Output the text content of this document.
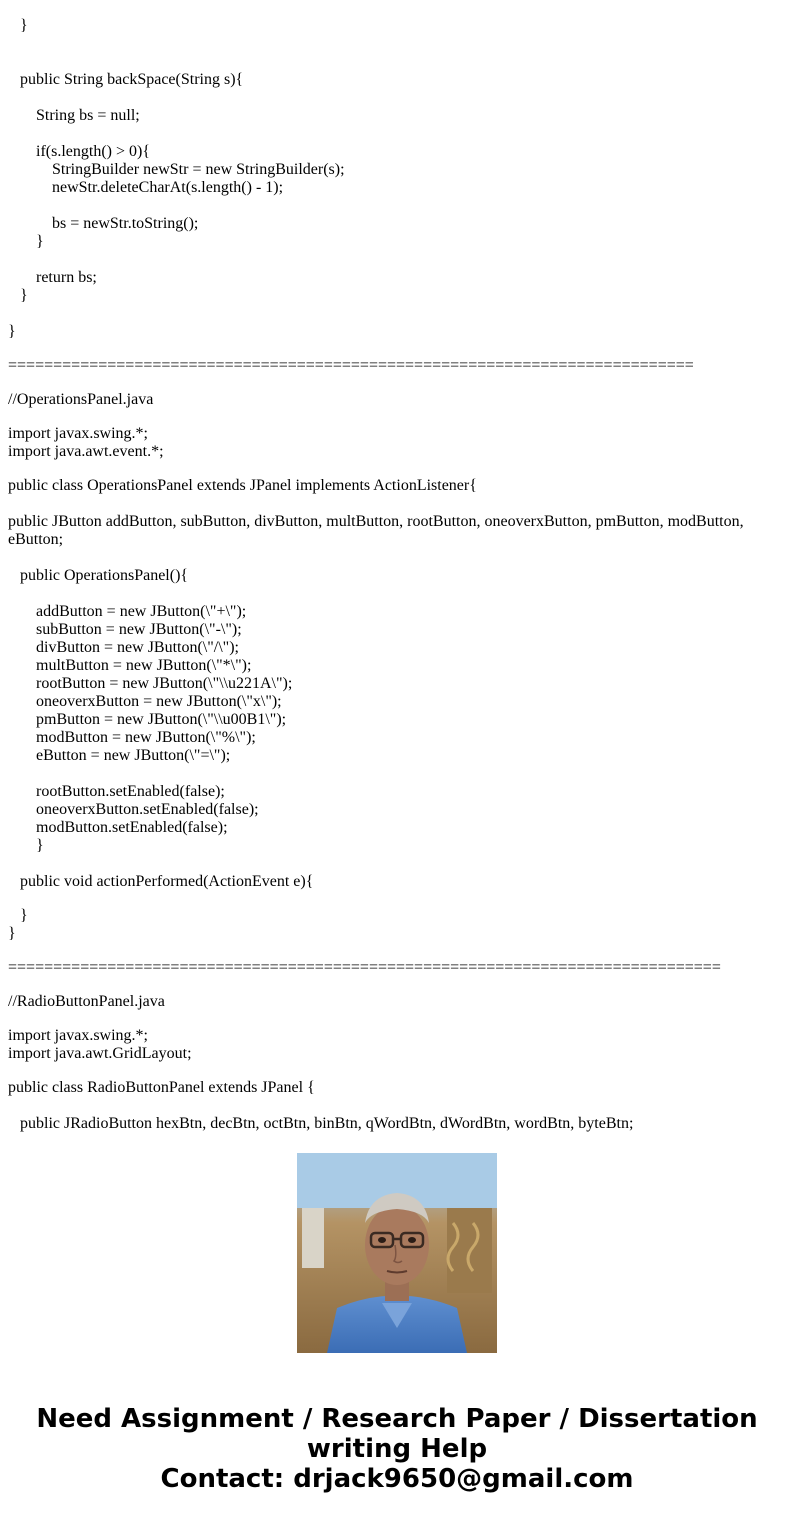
}
public String backSpace(String s){
String bs = null;
if(s.length() > 0){
StringBuilder newStr = new StringBuilder(s);
newStr.deleteCharAt(s.length() - 1);
bs = newStr.toString();
}
return bs;
}
}
============================================================================
//OperationsPanel.java
import javax.swing.*;
import java.awt.event.*;
public class OperationsPanel extends JPanel implements ActionListener{
public JButton addButton, subButton, divButton, multButton, rootButton, oneoverxButton, pmButton, modButton, eButton;
public OperationsPanel(){
addButton = new JButton(\"+\");
subButton = new JButton(\"-\");
divButton = new JButton(\"/\");
multButton = new JButton(\"*\");
rootButton = new JButton(\"\\u221A\");
oneoverxButton = new JButton(\"x\");
pmButton = new JButton(\"\\u00B1\");
modButton = new JButton(\"%\");
eButton = new JButton(\"=\");
rootButton.setEnabled(false);
oneoverxButton.setEnabled(false);
modButton.setEnabled(false);
}
public void actionPerformed(ActionEvent e){
}
}
===============================================================================
//RadioButtonPanel.java
import javax.swing.*;
import java.awt.GridLayout;
public class RadioButtonPanel extends JPanel {
public JRadioButton hexBtn, decBtn, octBtn, binBtn, qWordBtn, dWordBtn, wordBtn, byteBtn;
Need Assignment / Research Paper / Dissertation
writing Help
Contact: drjack9650@gmail.com
